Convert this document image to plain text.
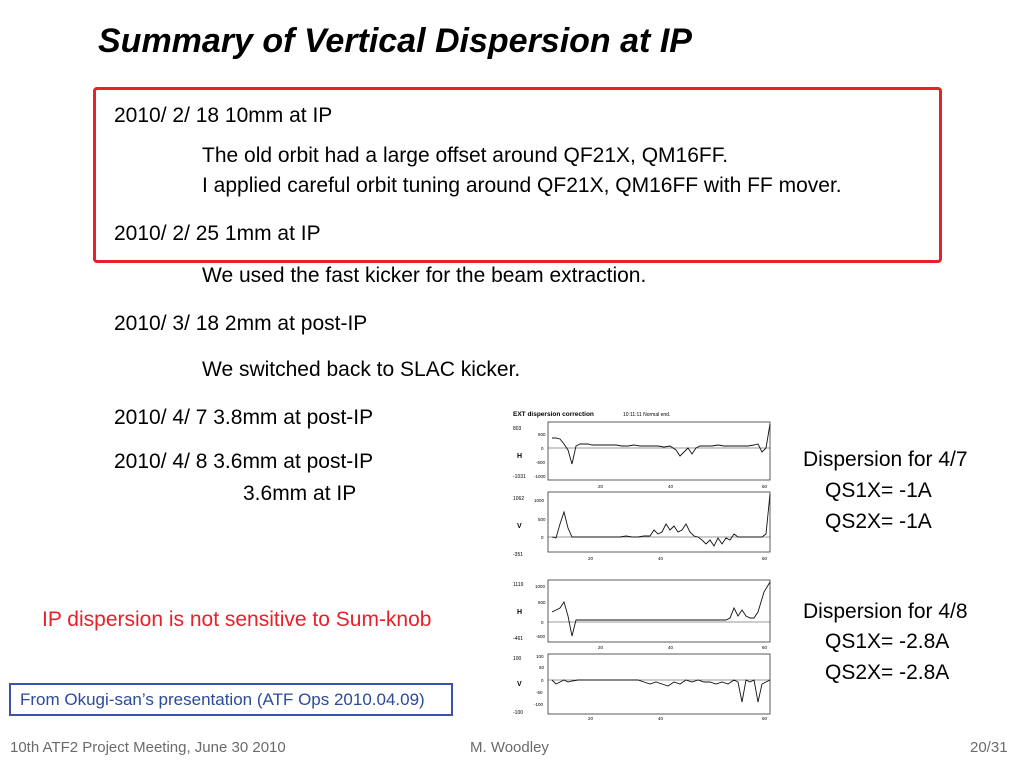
Summary of Vertical Dispersion at IP
2010/ 2/ 18 10mm at IP
The old orbit had a large offset around QF21X, QM16FF.
I applied careful orbit tuning around QF21X, QM16FF with FF mover.
2010/ 2/ 25 1mm at IP
We used the fast kicker for the beam extraction.
2010/ 3/ 18 2mm at post-IP
We switched back to SLAC kicker.
2010/ 4/ 7 3.8mm at post-IP
2010/ 4/ 8 3.6mm at post-IP
3.6mm at IP
IP dispersion is not sensitive to Sum-knob
From Okugi-san’s presentation (ATF Ops 2010.04.09)
Dispersion for 4/7
QS1X= -1A
QS2X= -1A
Dispersion for 4/8
QS1X= -2.8A
QS2X= -2.8A
EXT dispersion correction	10:11:11 Normal end.
803
H
-1031
500
0
-500
-1000
1062
V
-351
1000
500
0
20	40	60
20	40	60
1119
H
-461
1000
500
0
-500
100
V
-100
100
50
0
-50
-100
20	40	60
20	40	60
10th ATF2 Project Meeting, June 30 2010	M. Woodley	20/31
